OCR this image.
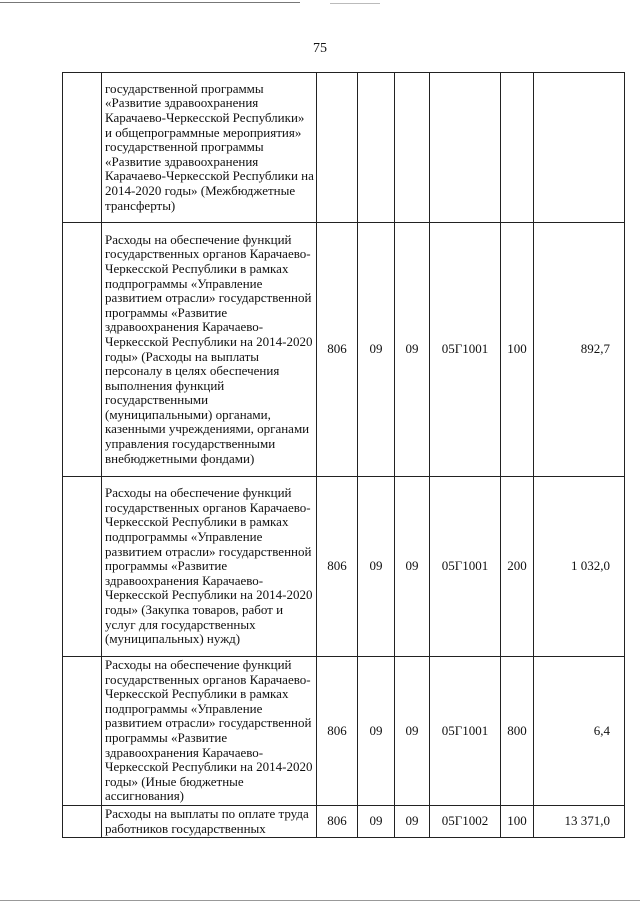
75
	государственной программы «Развитие здравоохранения Карачаево-Черкесской Республики» и общепрограммные мероприятия» государственной программы «Развитие здравоохранения Карачаево-Черкесской Республики на 2014-2020 годы» (Межбюджетные трансферты)						
	Расходы на обеспечение функций государственных органов Карачаево-Черкесской Республики в рамках подпрограммы «Управление развитием отрасли» государственной программы «Развитие здравоохранения Карачаево-Черкесской Республики на 2014-2020 годы» (Расходы на выплаты персоналу в целях обеспечения выполнения функций государственными (муниципальными) органами, казенными учреждениями, органами управления государственными внебюджетными фондами)	806	09	09	05Г1001	100	892,7
	Расходы на обеспечение функций государственных органов Карачаево-Черкесской Республики в рамках подпрограммы «Управление развитием отрасли» государственной программы «Развитие здравоохранения Карачаево-Черкесской Республики на 2014-2020 годы» (Закупка товаров, работ и услуг для государственных (муниципальных) нужд)	806	09	09	05Г1001	200	1 032,0
	Расходы на обеспечение функций государственных органов Карачаево-Черкесской Республики в рамках подпрограммы «Управление развитием отрасли» государственной программы «Развитие здравоохранения Карачаево-Черкесской Республики на 2014-2020 годы» (Иные бюджетные ассигнования)	806	09	09	05Г1001	800	6,4
	Расходы на выплаты по оплате труда работников государственных	806	09	09	05Г1002	100	13 371,0
